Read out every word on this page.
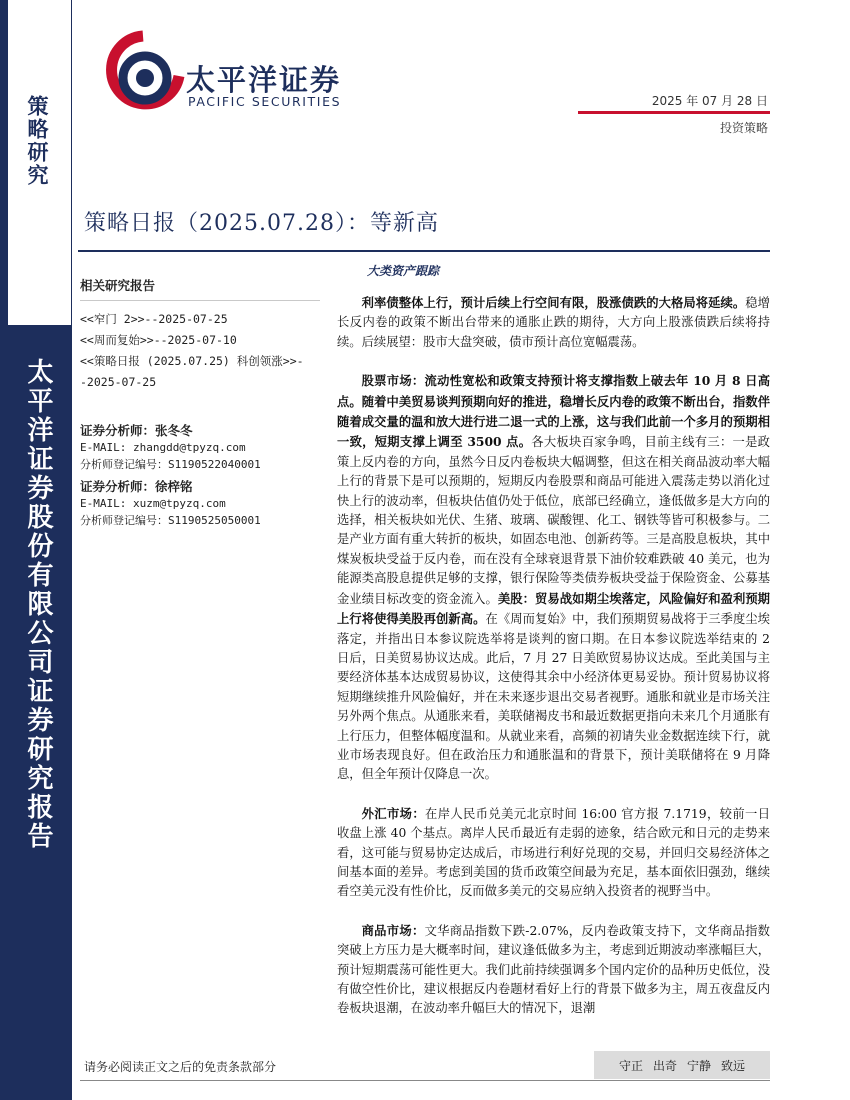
策略研究
太平洋证券股份有限公司证券研究报告
太平洋证券
PACIFIC SECURITIES	2025 年 07 月 28 日
投资策略
策略日报（2025.07.28）：等新高
相关研究报告
<<窄门 2>>--2025-07-25
<<周而复始>>--2025-07-10
<<策略日报 (2025.07.25) 科创领涨>>--2025-07-25
证券分析师：张冬冬
E-MAIL: zhangdd@tpyzq.com
分析师登记编号：S1190522040001
证券分析师：徐梓铭
E-MAIL: xuzm@tpyzq.com
分析师登记编号：S1190525050001
大类资产跟踪

利率债整体上行，预计后续上行空间有限，股涨债跌的大格局将延续。稳增长反内卷的政策不断出台带来的通胀止跌的期待，大方向上股涨债跌后续将持续。后续展望：股市大盘突破，债市预计高位宽幅震荡。

股票市场：流动性宽松和政策支持预计将支撑指数上破去年 10 月 8 日高点。随着中美贸易谈判预期向好的推进，稳增长反内卷的政策不断出台，指数伴随着成交量的温和放大进行进二退一式的上涨，这与我们此前一个多月的预期相一致，短期支撑上调至 3500 点。各大板块百家争鸣，目前主线有三：一是政策上反内卷的方向，虽然今日反内卷板块大幅调整，但这在相关商品波动率大幅上行的背景下是可以预期的，短期反内卷股票和商品可能进入震荡走势以消化过快上行的波动率，但板块估值仍处于低位，底部已经确立，逢低做多是大方向的选择，相关板块如光伏、生猪、玻璃、碳酸锂、化工、钢铁等皆可积极参与。二是产业方面有重大转折的板块，如固态电池、创新药等。三是高股息板块，其中煤炭板块受益于反内卷，而在没有全球衰退背景下油价较难跌破 40 美元，也为能源类高股息提供足够的支撑，银行保险等类债券板块受益于保险资金、公募基金业绩目标改变的资金流入。美股：贸易战如期尘埃落定，风险偏好和盈利预期上行将使得美股再创新高。在《周而复始》中，我们预期贸易战将于三季度尘埃落定，并指出日本参议院选举将是谈判的窗口期。在日本参议院选举结束的 2 日后，日美贸易协议达成。此后，7 月 27 日美欧贸易协议达成。至此美国与主要经济体基本达成贸易协议，这使得其余中小经济体更易妥协。预计贸易协议将短期继续推升风险偏好，并在未来逐步退出交易者视野。通胀和就业是市场关注另外两个焦点。从通胀来看，美联储褐皮书和最近数据更指向未来几个月通胀有上行压力，但整体幅度温和。从就业来看，高频的初请失业金数据连续下行，就业市场表现良好。但在政治压力和通胀温和的背景下，预计美联储将在 9 月降息，但全年预计仅降息一次。

外汇市场：在岸人民币兑美元北京时间 16:00 官方报 7.1719，较前一日收盘上涨 40 个基点。离岸人民币最近有走弱的迹象，结合欧元和日元的走势来看，这可能与贸易协定达成后，市场进行利好兑现的交易，并回归交易经济体之间基本面的差异。考虑到美国的货币政策空间最为充足，基本面依旧强劲，继续看空美元没有性价比，反而做多美元的交易应纳入投资者的视野当中。

商品市场：文华商品指数下跌-2.07%，反内卷政策支持下，文华商品指数突破上方压力是大概率时间，建议逢低做多为主，考虑到近期波动率涨幅巨大，预计短期震荡可能性更大。我们此前持续强调多个国内定价的品种历史低位，没有做空性价比，建议根据反内卷题材看好上行的背景下做多为主，周五夜盘反内卷板块退潮，在波动率升幅巨大的情况下，退潮

请务必阅读正文之后的免责条款部分	守正 出奇 宁静 致远
